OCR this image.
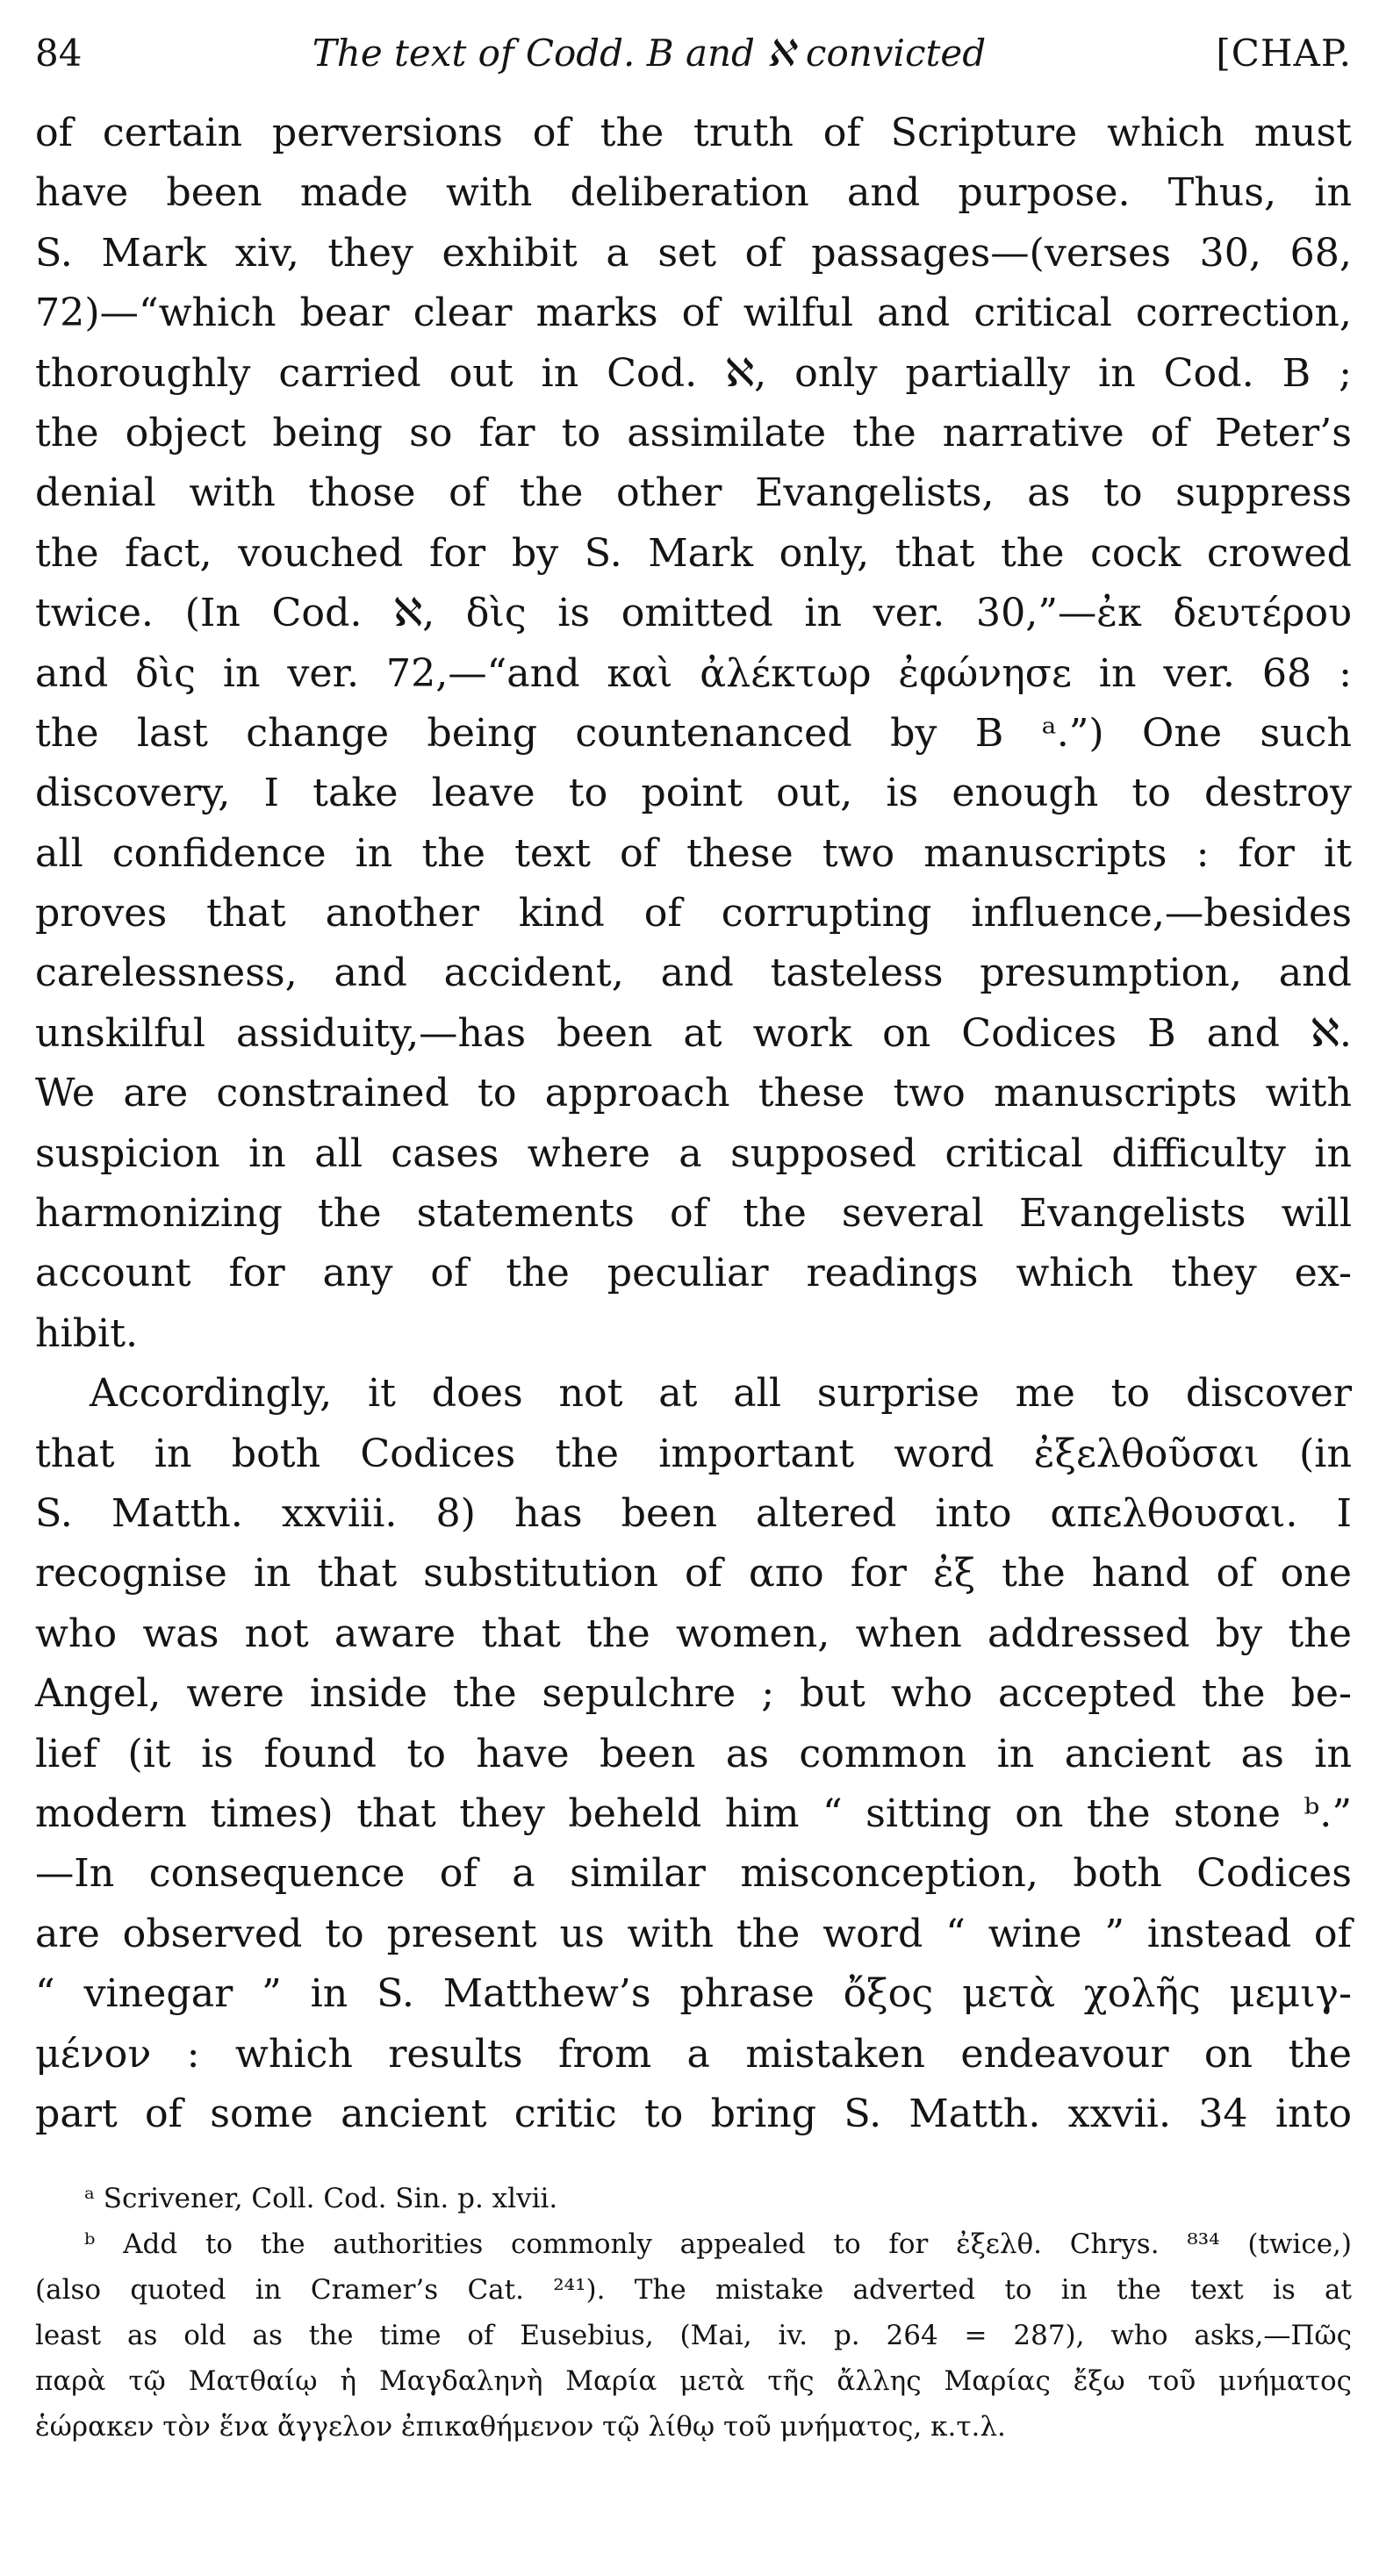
84	The text of Codd. B and ℵ convicted	[CHAP.
of certain perversions of the truth of Scripture which must
have been made with deliberation and purpose. Thus, in
S. Mark xiv, they exhibit a set of passages—(verses 30, 68,
72)—“which bear clear marks of wilful and critical correction,
thoroughly carried out in Cod. ℵ, only partially in Cod. B ;
the object being so far to assimilate the narrative of Peter’s
denial with those of the other Evangelists, as to suppress
the fact, vouched for by S. Mark only, that the cock crowed
twice. (In Cod. ℵ, δὶς is omitted in ver. 30,”—ἐκ δευτέρου
and δὶς in ver. 72,—“and καὶ ἀλέκτωρ ἐφώνησε in ver. 68 :
the last change being countenanced by B ᵃ.”) One such
discovery, I take leave to point out, is enough to destroy
all confidence in the text of these two manuscripts : for it
proves that another kind of corrupting influence,—besides
carelessness, and accident, and tasteless presumption, and
unskilful assiduity,—has been at work on Codices B and ℵ.
We are constrained to approach these two manuscripts with
suspicion in all cases where a supposed critical difficulty in
harmonizing the statements of the several Evangelists will
account for any of the peculiar readings which they ex-
hibit.
Accordingly, it does not at all surprise me to discover
that in both Codices the important word ἐξελθοῦσαι (in
S. Matth. xxviii. 8) has been altered into απελθουσαι. I
recognise in that substitution of απο for ἐξ the hand of one
who was not aware that the women, when addressed by the
Angel, were inside the sepulchre ; but who accepted the be-
lief (it is found to have been as common in ancient as in
modern times) that they beheld him “ sitting on the stone ᵇ.”
—In consequence of a similar misconception, both Codices
are observed to present us with the word “ wine ” instead of
“ vinegar ” in S. Matthew’s phrase ὄξος μετὰ χολῆς μεμιγ-
μένον : which results from a mistaken endeavour on the
part of some ancient critic to bring S. Matth. xxvii. 34 into
ᵃ Scrivener, Coll. Cod. Sin. p. xlvii.
ᵇ Add to the authorities commonly appealed to for ἐξελθ. Chrys. ⁸³⁴ (twice,)
(also quoted in Cramer’s Cat. ²⁴¹). The mistake adverted to in the text is at
least as old as the time of Eusebius, (Mai, iv. p. 264 = 287), who asks,—Πῶς
παρὰ τῷ Ματθαίῳ ἡ Μαγδαληνὴ Μαρία μετὰ τῆς ἄλλης Μαρίας ἔξω τοῦ μνήματος
ἑώρακεν τὸν ἕνα ἄγγελον ἐπικαθήμενον τῷ λίθῳ τοῦ μνήματος, κ.τ.λ.
